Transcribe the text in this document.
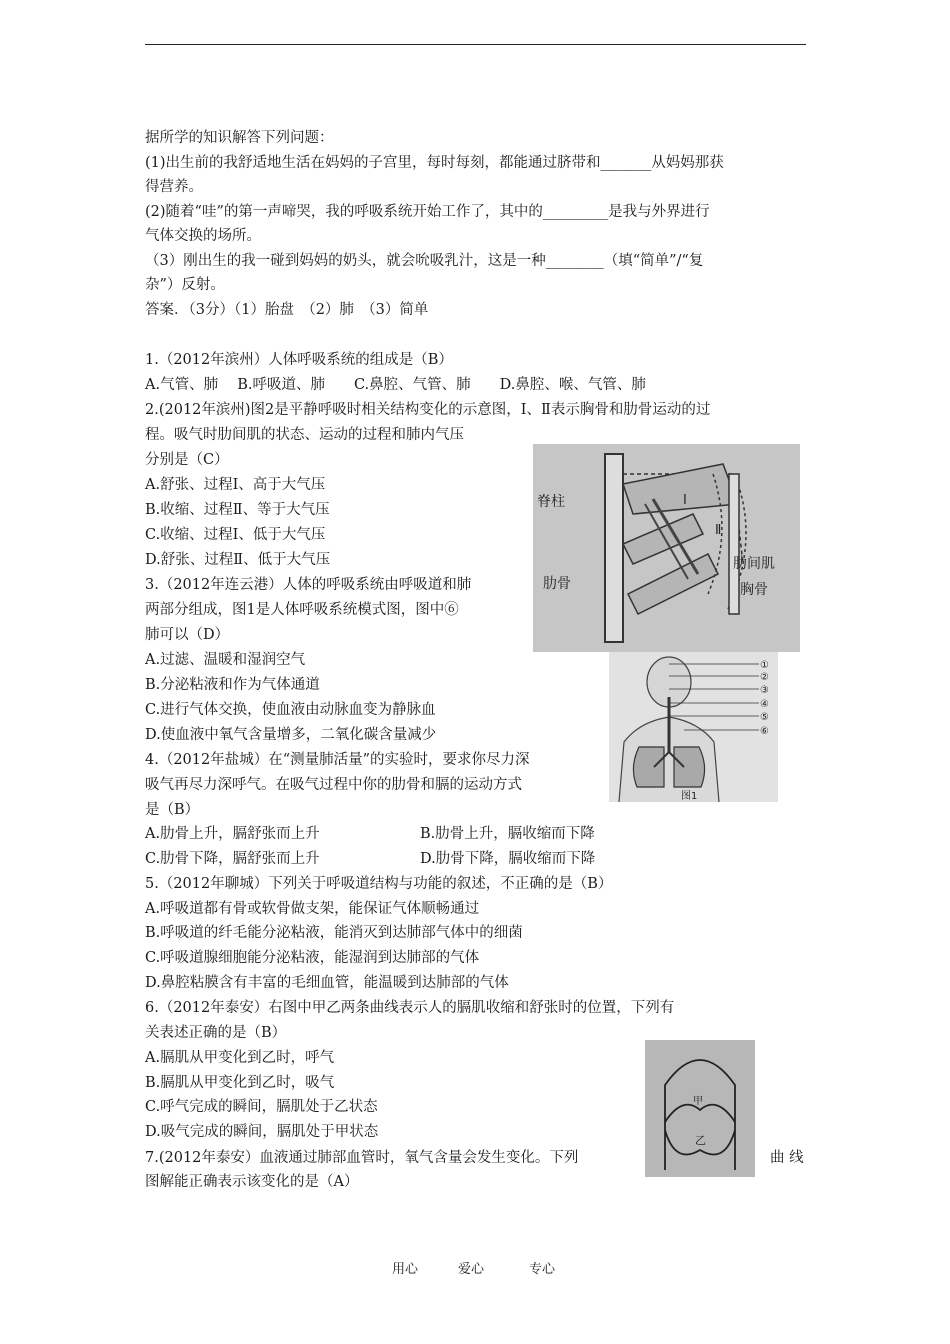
据所学的知识解答下列问题：
(1)出生前的我舒适地生活在妈妈的子宫里，每时每刻，都能通过脐带和_______从妈妈那获
得营养。
(2)随着“哇”的第一声啼哭，我的呼吸系统开始工作了，其中的_________是我与外界进行
气体交换的场所。
（3）刚出生的我一碰到妈妈的奶头，就会吮吸乳汁，这是一种________（填“简单”/“复
杂”）反射。
答案．（3分）（1）胎盘　（2）肺　（3）简单
1.（2012年滨州）人体呼吸系统的组成是（B）
A.气管、肺　 B.呼吸道、肺　　C.鼻腔、气管、肺　　D.鼻腔、喉、气管、肺
2.(2012年滨州)图2是平静呼吸时相关结构变化的示意图，Ⅰ、Ⅱ表示胸骨和肋骨运动的过
程。吸气时肋间肌的状态、运动的过程和肺内气压
分别是（C）
A.舒张、过程Ⅰ、高于大气压
B.收缩、过程Ⅱ、等于大气压
C.收缩、过程Ⅰ、低于大气压
D.舒张、过程Ⅱ、低于大气压
3.（2012年连云港）人体的呼吸系统由呼吸道和肺
两部分组成，图1是人体呼吸系统模式图，图中⑥
肺可以（D）
A.过滤、温暖和湿润空气
B.分泌粘液和作为气体通道
C.进行气体交换，使血液由动脉血变为静脉血
D.使血液中氧气含量增多，二氧化碳含量减少
4.（2012年盐城）在“测量肺活量”的实验时，要求你尽力深
吸气再尽力深呼气。在吸气过程中你的肋骨和膈的运动方式
是（B）
A.肋骨上升，膈舒张而上升	B.肋骨上升，膈收缩而下降
C.肋骨下降，膈舒张而上升	D.肋骨下降，膈收缩而下降
5.（2012年聊城）下列关于呼吸道结构与功能的叙述，不正确的是（B）
A.呼吸道都有骨或软骨做支架，能保证气体顺畅通过
B.呼吸道的纤毛能分泌粘液，能消灭到达肺部气体中的细菌
C.呼吸道腺细胞能分泌粘液，能湿润到达肺部的气体
D.鼻腔粘膜含有丰富的毛细血管，能温暖到达肺部的气体
6.（2012年泰安）右图中甲乙两条曲线表示人的膈肌收缩和舒张时的位置，下列有
关表述正确的是（B）
A.膈肌从甲变化到乙时，呼气
B.膈肌从甲变化到乙时，吸气
C.呼气完成的瞬间，膈肌处于乙状态
D.吸气完成的瞬间，膈肌处于甲状态
7.(2012年泰安）血液通过肺部血管时，氧气含量会发生变化。下列	曲 线
图解能正确表示该变化的是（A）
脊柱
肋骨
肋间肌
胸骨
Ⅰ
Ⅱ
①
②
③
④
⑤
⑥
图1
甲
乙
用心	爱心	专心
